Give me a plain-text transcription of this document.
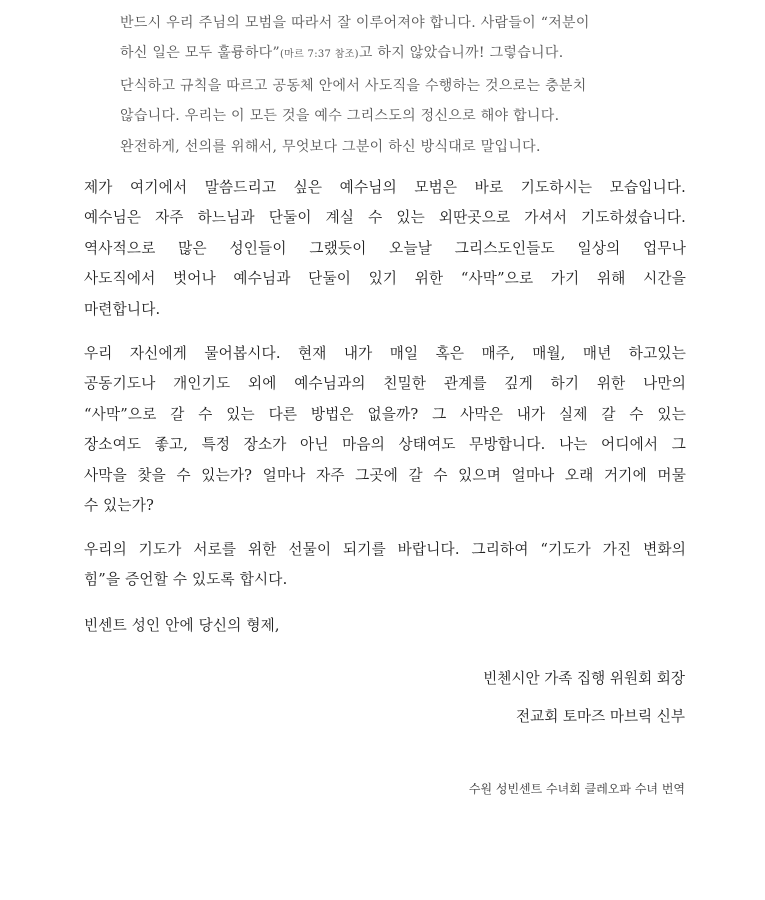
반드시 우리 주님의 모범을 따라서 잘 이루어져야 합니다. 사람들이 “저분이
하신 일은 모두 훌륭하다”(마르 7:37 참조)고 하지 않았습니까! 그렇습니다.
단식하고 규칙을 따르고 공동체 안에서 사도직을 수행하는 것으로는 충분치
않습니다. 우리는 이 모든 것을 예수 그리스도의 정신으로 해야 합니다.
완전하게, 선의를 위해서, 무엇보다 그분이 하신 방식대로 말입니다.
제가 여기에서 말씀드리고 싶은 예수님의 모범은 바로 기도하시는 모습입니다.
예수님은 자주 하느님과 단둘이 계실 수 있는 외딴곳으로 가셔서 기도하셨습니다.
역사적으로 많은 성인들이 그랬듯이 오늘날 그리스도인들도 일상의 업무나
사도직에서 벗어나 예수님과 단둘이 있기 위한 “사막”으로 가기 위해 시간을
마련합니다.
우리 자신에게 물어봅시다. 현재 내가 매일 혹은 매주, 매월, 매년 하고있는
공동기도나 개인기도 외에 예수님과의 친밀한 관계를 깊게 하기 위한 나만의
“사막”으로 갈 수 있는 다른 방법은 없을까? 그 사막은 내가 실제 갈 수 있는
장소여도 좋고, 특정 장소가 아닌 마음의 상태여도 무방합니다. 나는 어디에서 그
사막을 찾을 수 있는가? 얼마나 자주 그곳에 갈 수 있으며 얼마나 오래 거기에 머물
수 있는가?
우리의 기도가 서로를 위한 선물이 되기를 바랍니다. 그리하여 “기도가 가진 변화의
힘”을 증언할 수 있도록 합시다.
빈센트 성인 안에 당신의 형제,
빈첸시안 가족 집행 위원회 회장
전교회 토마즈 마브릭 신부
수원 성빈센트 수녀회 클레오파 수녀 번역
